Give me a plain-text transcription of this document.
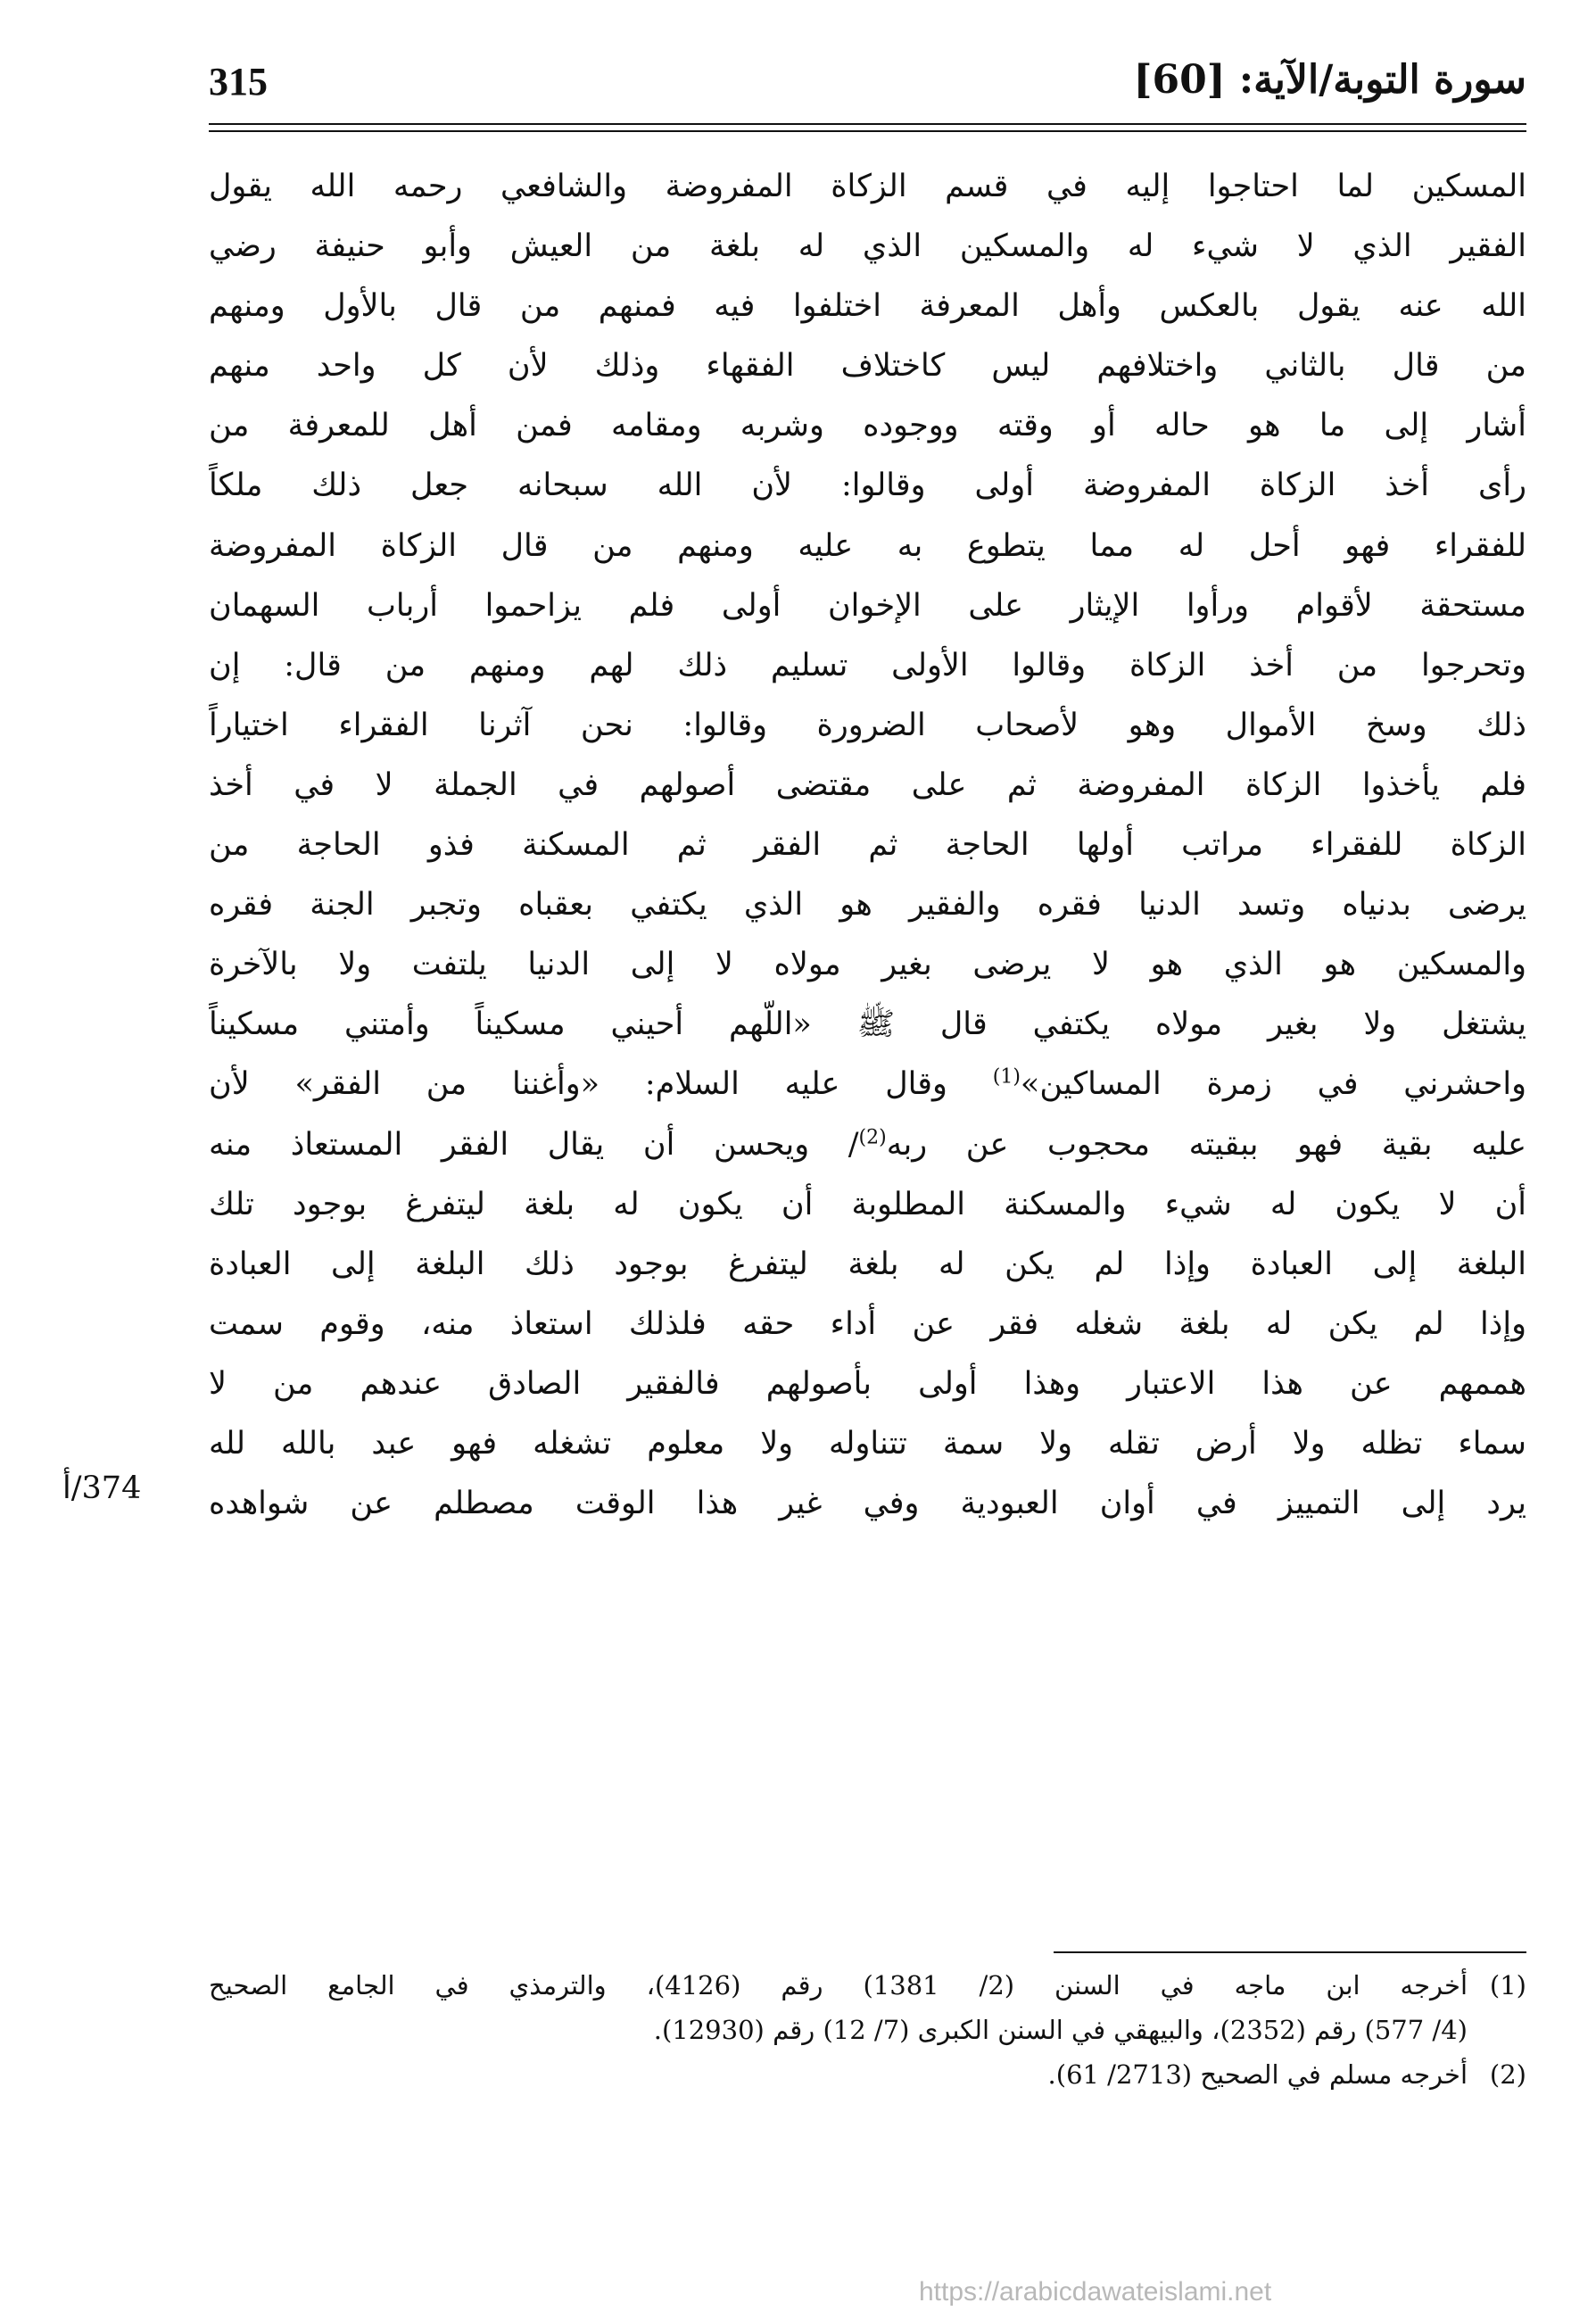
315	سورة التوبة/الآية: [60]
المسكين لما احتاجوا إليه في قسم الزكاة المفروضة والشافعي رحمه الله يقول
الفقير الذي لا شيء له والمسكين الذي له بلغة من العيش وأبو حنيفة رضي
الله عنه يقول بالعكس وأهل المعرفة اختلفوا فيه فمنهم من قال بالأول ومنهم
من قال بالثاني واختلافهم ليس كاختلاف الفقهاء وذلك لأن كل واحد منهم
أشار إلى ما هو حاله أو وقته ووجوده وشربه ومقامه فمن أهل للمعرفة من
رأى أخذ الزكاة المفروضة أولى وقالوا: لأن الله سبحانه جعل ذلك ملكاً
للفقراء فهو أحل له مما يتطوع به عليه ومنهم من قال الزكاة المفروضة
مستحقة لأقوام ورأوا الإيثار على الإخوان أولى فلم يزاحموا أرباب السهمان
وتحرجوا من أخذ الزكاة وقالوا الأولى تسليم ذلك لهم ومنهم من قال: إن
ذلك وسخ الأموال وهو لأصحاب الضرورة وقالوا: نحن آثرنا الفقراء اختياراً
فلم يأخذوا الزكاة المفروضة ثم على مقتضى أصولهم في الجملة لا في أخذ
الزكاة للفقراء مراتب أولها الحاجة ثم الفقر ثم المسكنة فذو الحاجة من
يرضى بدنياه وتسد الدنيا فقره والفقير هو الذي يكتفي بعقباه وتجبر الجنة فقره
والمسكين هو الذي هو لا يرضى بغير مولاه لا إلى الدنيا يلتفت ولا بالآخرة
يشتغل ولا بغير مولاه يكتفي قال ﷺ «اللّهم أحيني مسكيناً وأمتني مسكيناً
واحشرني في زمرة المساكين»$^{(1)}$ وقال عليه السلام: «وأغننا من الفقر» لأن
عليه بقية فهو ببقيته محجوب عن ربه$^{(2)}$/ ويحسن أن يقال الفقر المستعاذ منه
أن لا يكون له شيء والمسكنة المطلوبة أن يكون له بلغة ليتفرغ بوجود تلك
البلغة إلى العبادة وإذا لم يكن له بلغة ليتفرغ بوجود ذلك البلغة إلى العبادة
وإذا لم يكن له بلغة شغله فقر عن أداء حقه فلذلك استعاذ منه، وقوم سمت
هممهم عن هذا الاعتبار وهذا أولى بأصولهم فالفقير الصادق عندهم من لا
سماء تظله ولا أرض تقله ولا سمة تتناوله ولا معلوم تشغله فهو عبد بالله لله
يرد إلى التمييز في أوان العبودية وفي غير هذا الوقت مصطلم عن شواهده
374/أ
(1)أخرجه ابن ماجه في السنن (2/ 1381) رقم (4126)، والترمذي في الجامع الصحيح
(4/ 577) رقم (2352)، والبيهقي في السنن الكبرى (7/ 12) رقم (12930).
(2)أخرجه مسلم في الصحيح (2713/ 61).
https://arabicdawateislami.net
